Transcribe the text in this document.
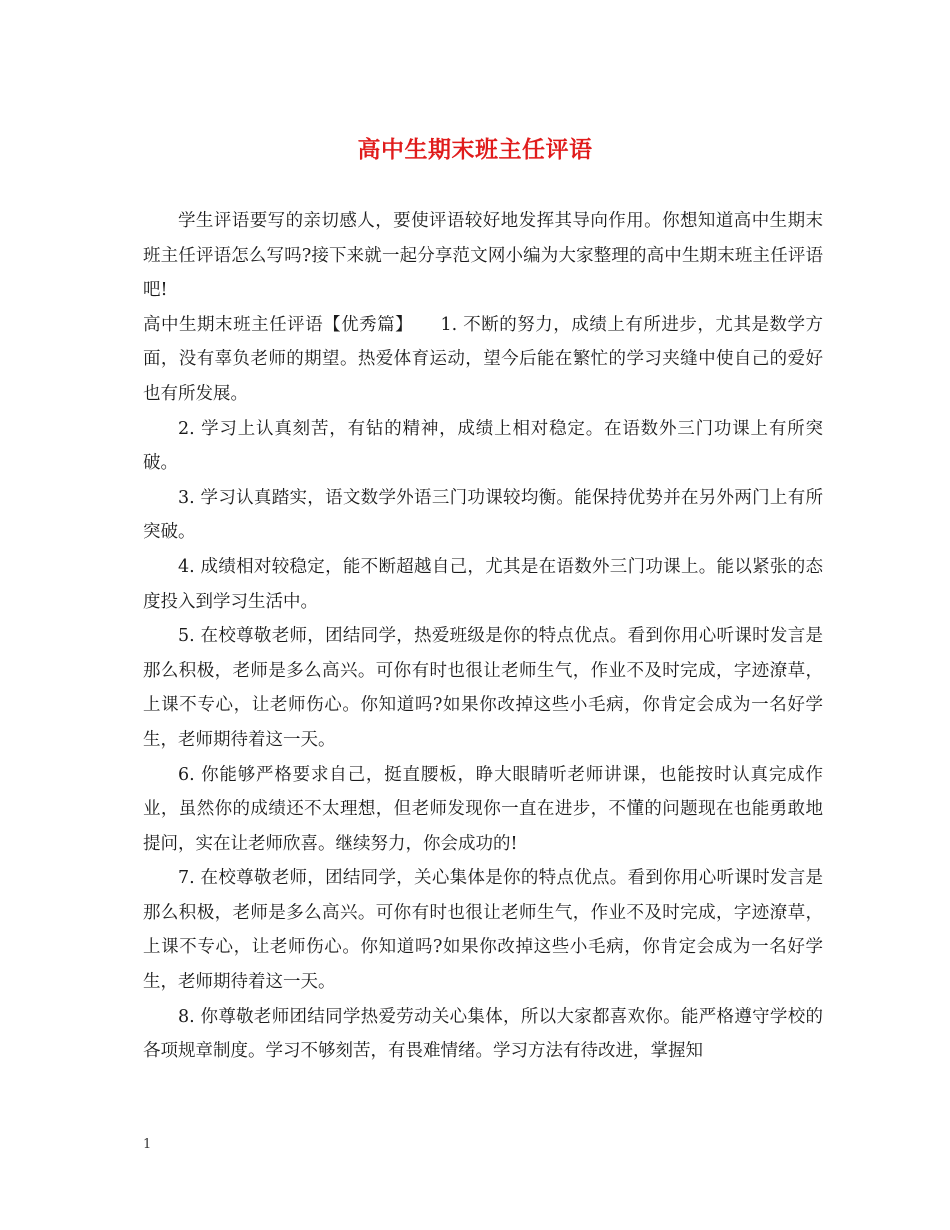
高中生期末班主任评语

学生评语要写的亲切感人，要使评语较好地发挥其导向作用。你想知道高中生期末班主任评语怎么写吗?接下来就一起分享范文网小编为大家整理的高中生期末班主任评语吧!

高中生期末班主任评语【优秀篇】　　1. 不断的努力，成绩上有所进步，尤其是数学方面，没有辜负老师的期望。热爱体育运动，望今后能在繁忙的学习夹缝中使自己的爱好也有所发展。

2. 学习上认真刻苦，有钻的精神，成绩上相对稳定。在语数外三门功课上有所突破。

3. 学习认真踏实，语文数学外语三门功课较均衡。能保持优势并在另外两门上有所突破。

4. 成绩相对较稳定，能不断超越自己，尤其是在语数外三门功课上。能以紧张的态度投入到学习生活中。

5. 在校尊敬老师，团结同学，热爱班级是你的特点优点。看到你用心听课时发言是那么积极，老师是多么高兴。可你有时也很让老师生气，作业不及时完成，字迹潦草，上课不专心，让老师伤心。你知道吗?如果你改掉这些小毛病，你肯定会成为一名好学生，老师期待着这一天。

6. 你能够严格要求自己，挺直腰板，睁大眼睛听老师讲课，也能按时认真完成作业，虽然你的成绩还不太理想，但老师发现你一直在进步，不懂的问题现在也能勇敢地提问，实在让老师欣喜。继续努力，你会成功的!

7. 在校尊敬老师，团结同学，关心集体是你的特点优点。看到你用心听课时发言是那么积极，老师是多么高兴。可你有时也很让老师生气，作业不及时完成，字迹潦草，上课不专心，让老师伤心。你知道吗?如果你改掉这些小毛病，你肯定会成为一名好学生，老师期待着这一天。

8. 你尊敬老师团结同学热爱劳动关心集体，所以大家都喜欢你。能严格遵守学校的各项规章制度。学习不够刻苦，有畏难情绪。学习方法有待改进，掌握知

1
